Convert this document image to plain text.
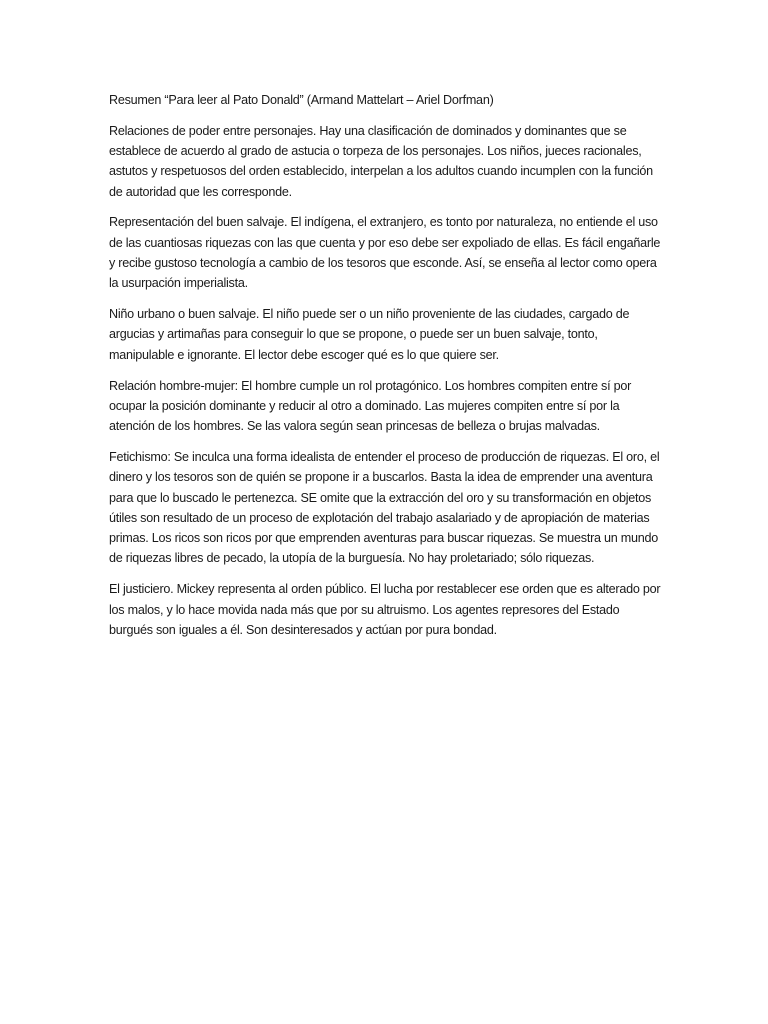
Resumen “Para leer al Pato Donald” (Armand Mattelart – Ariel Dorfman)

Relaciones de poder entre personajes. Hay una clasificación de dominados y dominantes que se establece de acuerdo al grado de astucia o torpeza de los personajes. Los niños, jueces racionales, astutos y respetuosos del orden establecido, interpelan a los adultos cuando incumplen con la función de autoridad que les corresponde.

Representación del buen salvaje. El indígena, el extranjero, es tonto por naturaleza, no entiende el uso de las cuantiosas riquezas con las que cuenta y por eso debe ser expoliado de ellas. Es fácil engañarle y recibe gustoso tecnología a cambio de los tesoros que esconde. Así, se enseña al lector como opera la usurpación imperialista.

Niño urbano o buen salvaje. El niño puede ser o un niño proveniente de las ciudades, cargado de argucias y artimañas para conseguir lo que se propone, o puede ser un buen salvaje, tonto, manipulable e ignorante. El lector debe escoger qué es lo que quiere ser.

Relación hombre-mujer: El hombre cumple un rol protagónico. Los hombres compiten entre sí por ocupar la posición dominante y reducir al otro a dominado. Las mujeres compiten entre sí por la atención de los hombres. Se las valora según sean princesas de belleza o brujas malvadas.

Fetichismo: Se inculca una forma idealista de entender el proceso de producción de riquezas. El oro, el dinero y los tesoros son de quién se propone ir a buscarlos. Basta la idea de emprender una aventura para que lo buscado le pertenezca. SE omite que la extracción del oro y su transformación en objetos útiles son resultado de un proceso de explotación del trabajo asalariado y de apropiación de materias primas. Los ricos son ricos por que emprenden aventuras para buscar riquezas. Se muestra un mundo de riquezas libres de pecado, la utopía de la burguesía. No hay proletariado; sólo riquezas.

El justiciero. Mickey representa al orden público. El lucha por restablecer ese orden que es alterado por los malos, y lo hace movida nada más que por su altruismo. Los agentes represores del Estado burgués son iguales a él. Son desinteresados y actúan por pura bondad.
